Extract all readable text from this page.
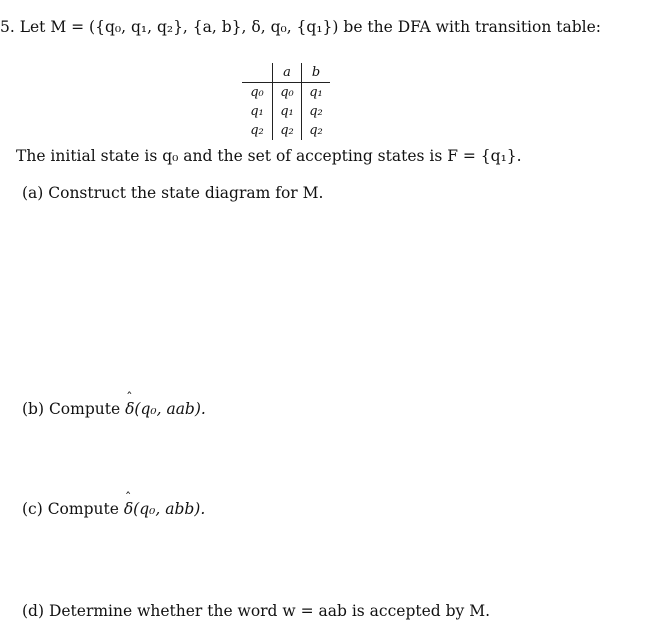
5. Let M = ({q₀, q₁, q₂}, {a, b}, δ, q₀, {q₁}) be the DFA with transition table:
	a	b
q₀	q₀	q₁
q₁	q₁	q₂
q₂	q₂	q₂
The initial state is q₀ and the set of accepting states is F = {q₁}.
(a) Construct the state diagram for M.
(b) Compute ˆ δ(q₀, aab).
(c) Compute ˆ δ(q₀, abb).
(d) Determine whether the word w = aab is accepted by M.
